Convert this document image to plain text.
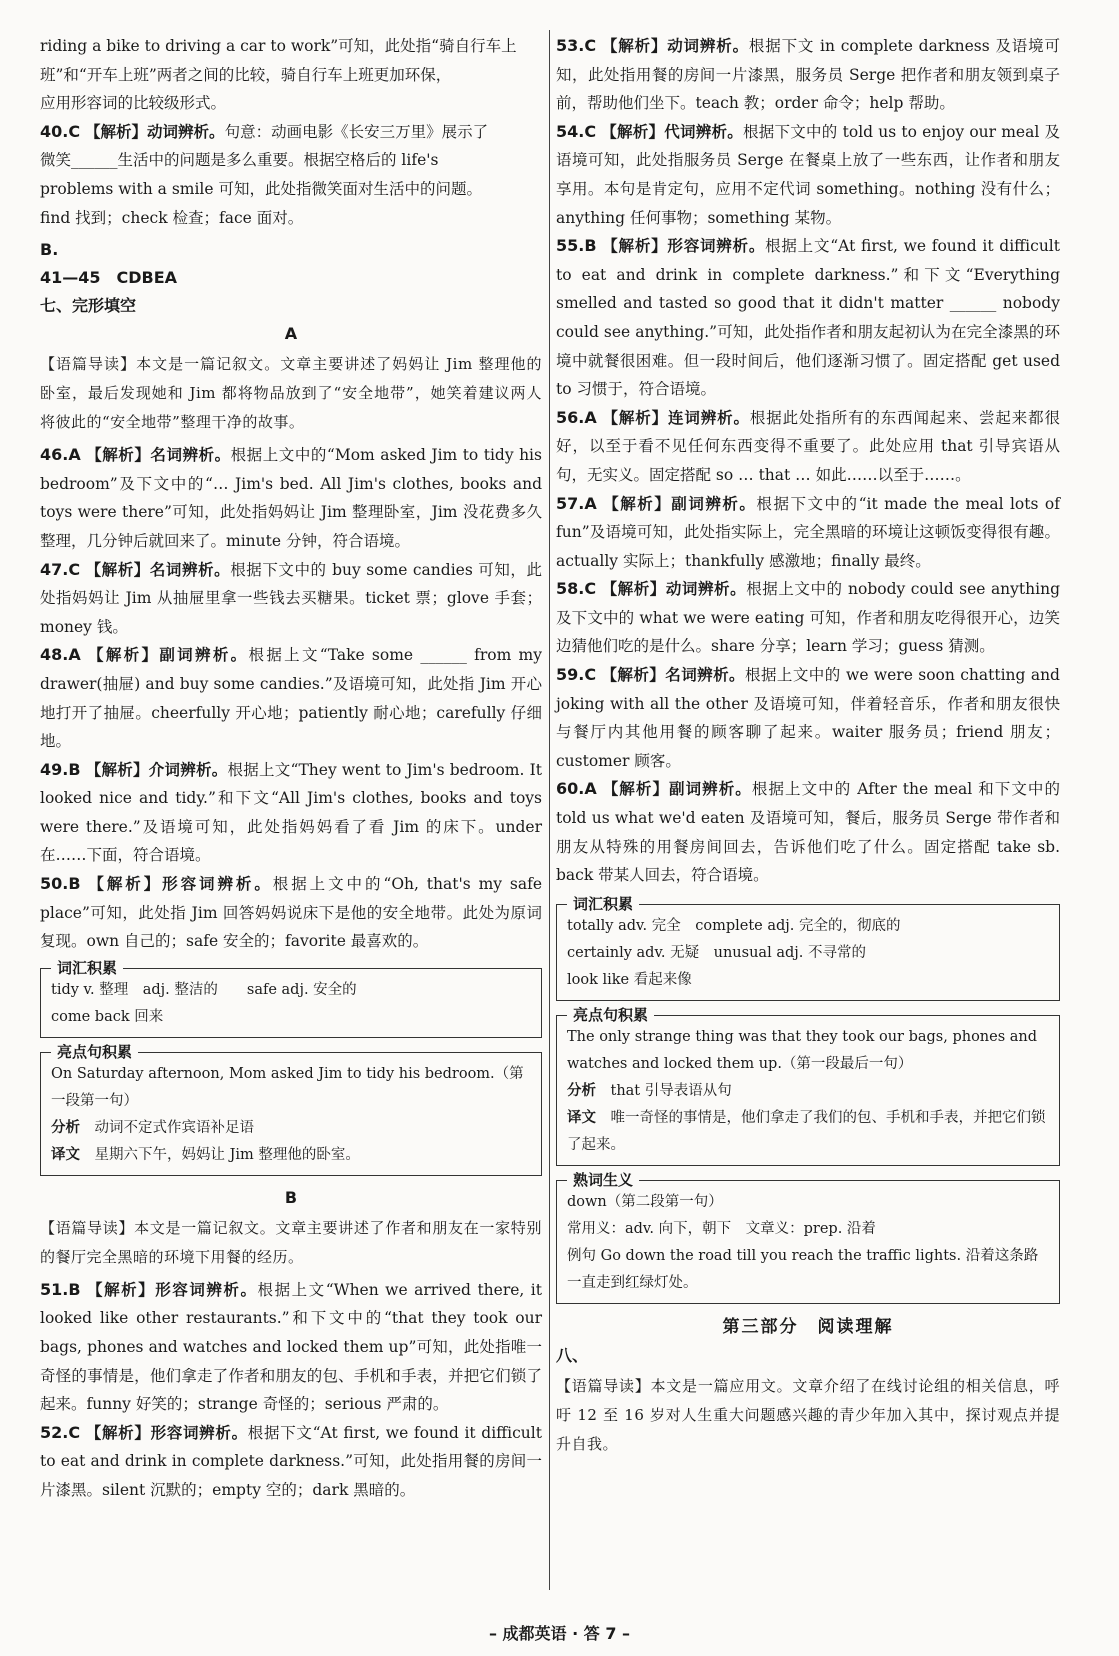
riding a bike to driving a car to work”可知，此处指“骑自行车上

班”和“开车上班”两者之间的比较，骑自行车上班更加环保，

应用形容词的比较级形式。

40.C 【解析】动词辨析。句意：动画电影《长安三万里》展示了
微笑______生活中的问题是多么重要。根据空格后的 life's
problems with a smile 可知，此处指微笑面对生活中的问题。
find 找到；check 检查；face 面对。

B.

41—45　CDBEA

七、完形填空

A

【语篇导读】本文是一篇记叙文。文章主要讲述了妈妈让 Jim 整理他的卧室，最后发现她和 Jim 都将物品放到了“安全地带”，她笑着建议两人将彼此的“安全地带”整理干净的故事。

46.A 【解析】名词辨析。根据上文中的“Mom asked Jim to tidy his bedroom”及下文中的“… Jim's bed. All Jim's clothes, books and toys were there”可知，此处指妈妈让 Jim 整理卧室，Jim 没花费多久整理，几分钟后就回来了。minute 分钟，符合语境。
47.C 【解析】名词辨析。根据下文中的 buy some candies 可知，此处指妈妈让 Jim 从抽屉里拿一些钱去买糖果。ticket 票；glove 手套；money 钱。
48.A 【解析】副词辨析。根据上文“Take some ______ from my drawer(抽屉) and buy some candies.”及语境可知，此处指 Jim 开心地打开了抽屉。cheerfully 开心地；patiently 耐心地；carefully 仔细地。
49.B 【解析】介词辨析。根据上文“They went to Jim's bedroom. It looked nice and tidy.”和下文“All Jim's clothes, books and toys were there.”及语境可知，此处指妈妈看了看 Jim 的床下。under 在……下面，符合语境。
50.B 【解析】形容词辨析。根据上文中的“Oh, that's my safe place”可知，此处指 Jim 回答妈妈说床下是他的安全地带。此处为原词复现。own 自己的；safe 安全的；favorite 最喜欢的。
词汇积累

tidy v. 整理　adj. 整洁的　　safe adj. 安全的

come back 回来

亮点句积累

On Saturday afternoon, Mom asked Jim to tidy his bedroom.（第一段第一句）

分析　 动词不定式作宾语补足语

译文　 星期六下午，妈妈让 Jim 整理他的卧室。

B

【语篇导读】本文是一篇记叙文。文章主要讲述了作者和朋友在一家特别的餐厅完全黑暗的环境下用餐的经历。

51.B 【解析】形容词辨析。根据上文“When we arrived there, it looked like other restaurants.”和下文中的“that they took our bags, phones and watches and locked them up”可知，此处指唯一奇怪的事情是，他们拿走了作者和朋友的包、手机和手表，并把它们锁了起来。funny 好笑的；strange 奇怪的；serious 严肃的。
52.C 【解析】形容词辨析。根据下文“At first, we found it difficult to eat and drink in complete darkness.”可知，此处指用餐的房间一片漆黑。silent 沉默的；empty 空的；dark 黑暗的。
53.C 【解析】动词辨析。根据下文 in complete darkness 及语境可知，此处指用餐的房间一片漆黑，服务员 Serge 把作者和朋友领到桌子前，帮助他们坐下。teach 教；order 命令；help 帮助。
54.C 【解析】代词辨析。根据下文中的 told us to enjoy our meal 及语境可知，此处指服务员 Serge 在餐桌上放了一些东西，让作者和朋友享用。本句是肯定句，应用不定代词 something。nothing 没有什么；anything 任何事物；something 某物。
55.B 【解析】形容词辨析。根据上文“At first, we found it difficult to eat and drink in complete darkness.”和下文“Everything smelled and tasted so good that it didn't matter ______ nobody could see anything.”可知，此处指作者和朋友起初认为在完全漆黑的环境中就餐很困难。但一段时间后，他们逐渐习惯了。固定搭配 get used to 习惯于，符合语境。
56.A 【解析】连词辨析。根据此处指所有的东西闻起来、尝起来都很好，以至于看不见任何东西变得不重要了。此处应用 that 引导宾语从句，无实义。固定搭配 so … that … 如此……以至于……。
57.A 【解析】副词辨析。根据下文中的“it made the meal lots of fun”及语境可知，此处指实际上，完全黑暗的环境让这顿饭变得很有趣。actually 实际上；thankfully 感激地；finally 最终。
58.C 【解析】动词辨析。根据上文中的 nobody could see anything 及下文中的 what we were eating 可知，作者和朋友吃得很开心，边笑边猜他们吃的是什么。share 分享；learn 学习；guess 猜测。
59.C 【解析】名词辨析。根据上文中的 we were soon chatting and joking with all the other 及语境可知，伴着轻音乐，作者和朋友很快与餐厅内其他用餐的顾客聊了起来。waiter 服务员；friend 朋友；customer 顾客。
60.A 【解析】副词辨析。根据上文中的 After the meal 和下文中的 told us what we'd eaten 及语境可知，餐后，服务员 Serge 带作者和朋友从特殊的用餐房间回去，告诉他们吃了什么。固定搭配 take sb. back 带某人回去，符合语境。
词汇积累

totally adv. 完全　complete adj. 完全的，彻底的

certainly adv. 无疑　unusual adj. 不寻常的

look like 看起来像

亮点句积累

The only strange thing was that they took our bags, phones and watches and locked them up.（第一段最后一句）

分析　 that 引导表语从句

译文　 唯一奇怪的事情是，他们拿走了我们的包、手机和手表，并把它们锁了起来。

熟词生义

down（第二段第一句）

常用义：adv. 向下，朝下　文章义：prep. 沿着

例句 Go down the road till you reach the traffic lights. 沿着这条路一直走到红绿灯处。

第三部分　阅读理解

八、

【语篇导读】本文是一篇应用文。文章介绍了在线讨论组的相关信息，呼吁 12 至 16 岁对人生重大问题感兴趣的青少年加入其中，探讨观点并提升自我。

– 成都英语 · 答 7 –
